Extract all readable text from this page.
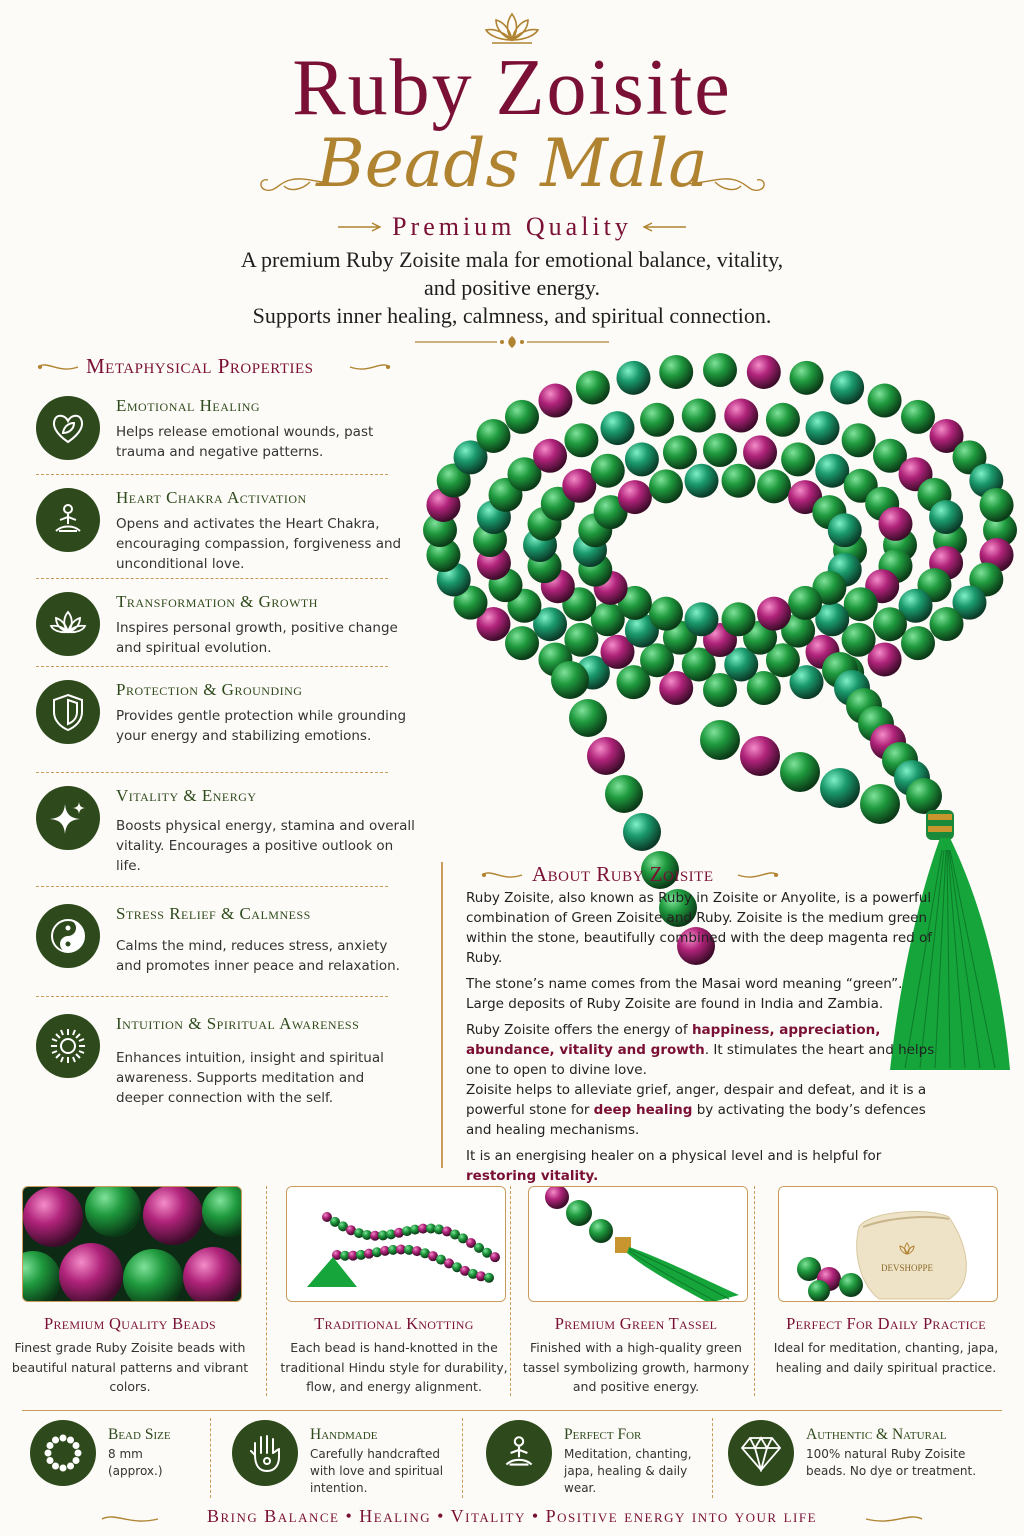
Ruby Zoisite
Beads Mala
Premium Quality
A premium Ruby Zoisite mala for emotional balance, vitality,
and positive energy.
Supports inner healing, calmness, and spiritual connection.
Metaphysical Properties
Emotional Healing
Helps release emotional wounds, past trauma and negative patterns.
Heart Chakra Activation
Opens and activates the Heart Chakra, encouraging compassion, forgiveness and unconditional love.
Transformation & Growth
Inspires personal growth, positive change and spiritual evolution.
Protection & Grounding
Provides gentle protection while grounding your energy and stabilizing emotions.
Vitality & Energy
Boosts physical energy, stamina and overall vitality. Encourages a positive outlook on life.
Stress Relief & Calmness
Calms the mind, reduces stress, anxiety and promotes inner peace and relaxation.
Intuition & Spiritual Awareness
Enhances intuition, insight and spiritual awareness. Supports meditation and deeper connection with the self.
About Ruby Zoisite

Ruby Zoisite, also known as Ruby in Zoisite or Anyolite, is a powerful combination of Green Zoisite and Ruby. Zoisite is the medium green within the stone, beautifully combined with the deep magenta red of Ruby.

The stone’s name comes from the Masai word meaning “green”. Large deposits of Ruby Zoisite are found in India and Zambia.

Ruby Zoisite offers the energy of happiness, appreciation, abundance, vitality and growth. It stimulates the heart and helps one to open to divine love.

Zoisite helps to alleviate grief, anger, despair and defeat, and it is a powerful stone for deep healing by activating the body’s defences and healing mechanisms.

It is an energising healer on a physical level and is helpful for restoring vitality.

Premium Quality Beads
Finest grade Ruby Zoisite beads with beautiful natural patterns and vibrant colors.
Traditional Knotting
Each bead is hand-knotted in the traditional Hindu style for durability, flow, and energy alignment.
Premium Green Tassel
Finished with a high-quality green tassel symbolizing growth, harmony and positive energy.
DEVSHOPPE
Perfect For Daily Practice
Ideal for meditation, chanting, japa, healing and daily spiritual practice.
Bead Size
8 mm (approx.)
Handmade
Carefully handcrafted with love and spiritual intention.
Perfect For
Meditation, chanting, japa, healing & daily wear.
Authentic & Natural
100% natural Ruby Zoisite beads. No dye or treatment.
Bring Balance • Healing • Vitality • Positive energy into your life
